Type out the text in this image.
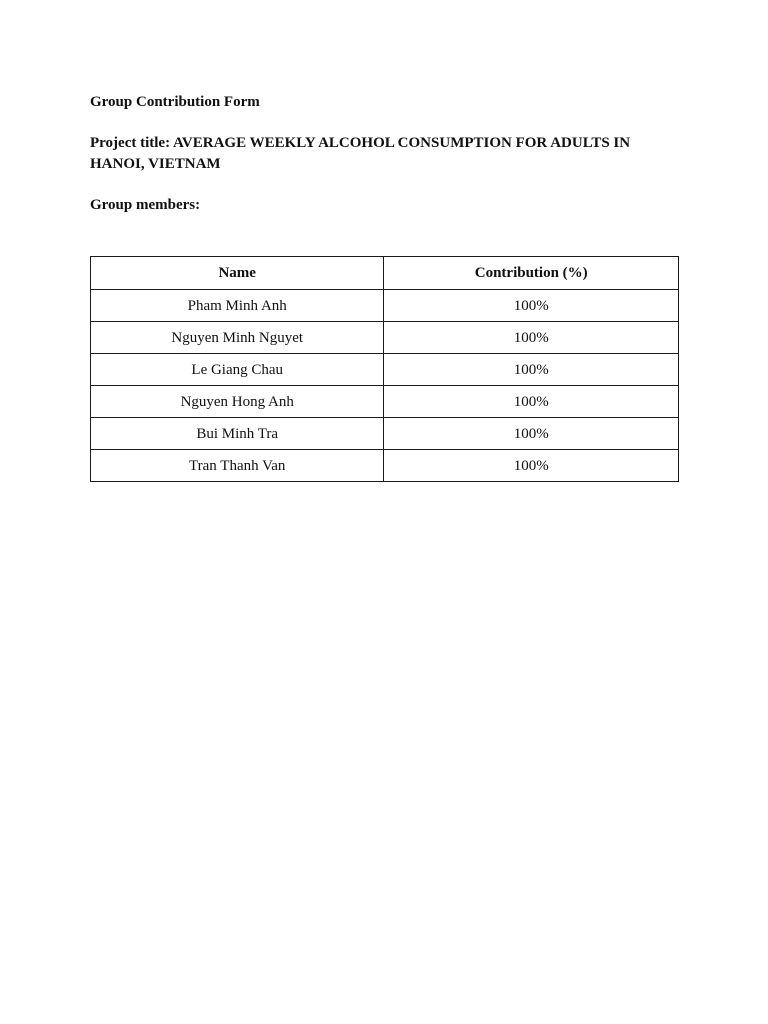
Group Contribution Form
Project title: AVERAGE WEEKLY ALCOHOL CONSUMPTION FOR ADULTS IN HANOI, VIETNAM
Group members:
Name	Contribution (%)
Pham Minh Anh	100%
Nguyen Minh Nguyet	100%
Le Giang Chau	100%
Nguyen Hong Anh	100%
Bui Minh Tra	100%
Tran Thanh Van	100%
